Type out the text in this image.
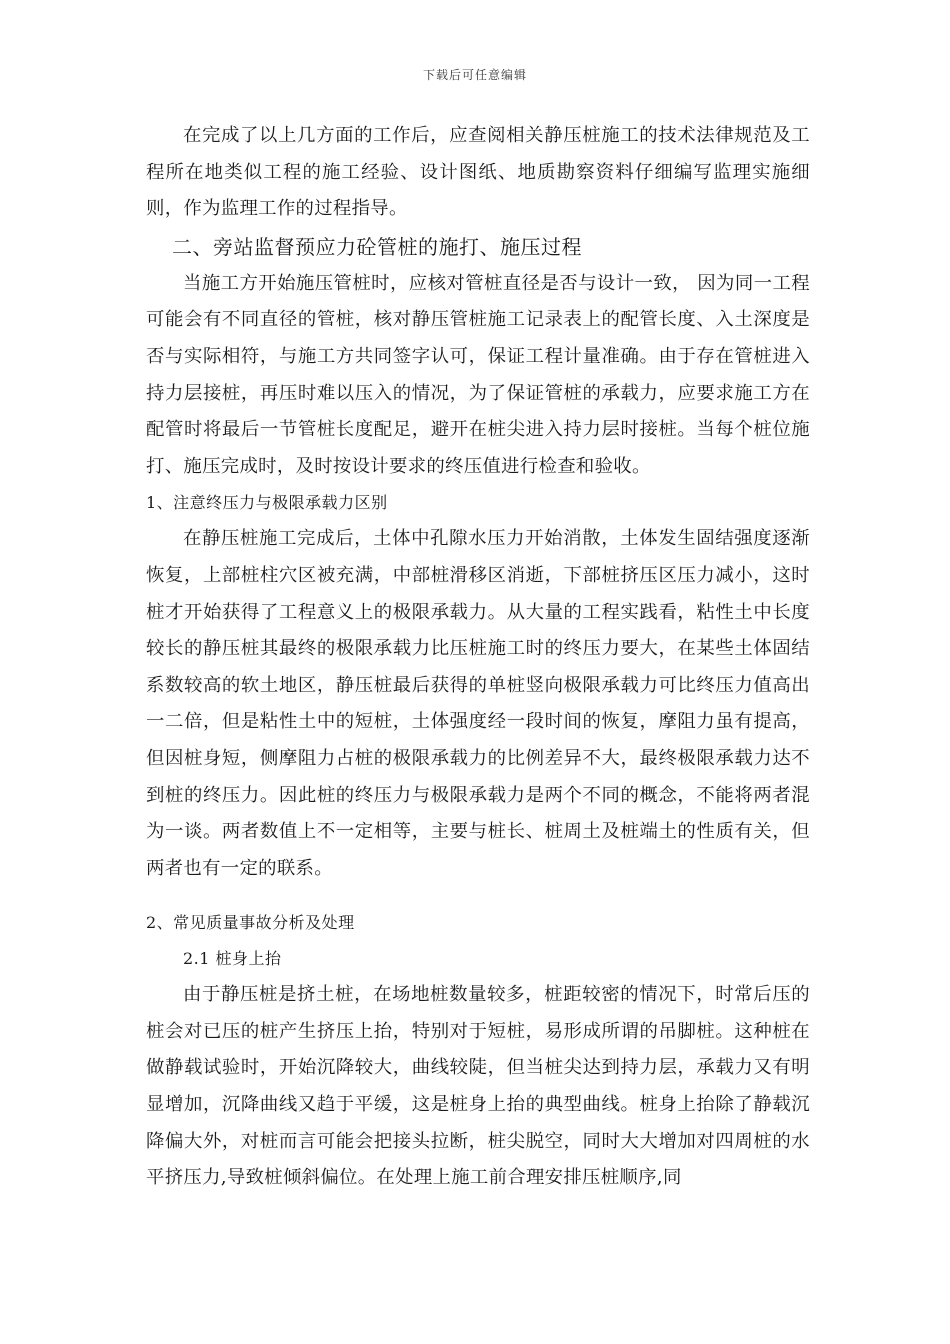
下载后可任意编辑

在完成了以上几方面的工作后，应查阅相关静压桩施工的技术法律规范及工程所在地类似工程的施工经验、设计图纸、地质勘察资料仔细编写监理实施细则，作为监理工作的过程指导。

二、旁站监督预应力砼管桩的施打、施压过程

当施工方开始施压管桩时，应核对管桩直径是否与设计一致， 因为同一工程可能会有不同直径的管桩，核对静压管桩施工记录表上的配管长度、入土深度是否与实际相符，与施工方共同签字认可，保证工程计量准确。由于存在管桩进入持力层接桩，再压时难以压入的情况，为了保证管桩的承载力，应要求施工方在配管时将最后一节管桩长度配足，避开在桩尖进入持力层时接桩。当每个桩位施打、施压完成时，及时按设计要求的终压值进行检查和验收。

1、注意终压力与极限承载力区别

在静压桩施工完成后，土体中孔隙水压力开始消散，土体发生固结强度逐渐恢复，上部桩柱穴区被充满，中部桩滑移区消逝，下部桩挤压区压力减小，这时桩才开始获得了工程意义上的极限承载力。从大量的工程实践看，粘性土中长度较长的静压桩其最终的极限承载力比压桩施工时的终压力要大，在某些土体固结系数较高的软土地区，静压桩最后获得的单桩竖向极限承载力可比终压力值高出一二倍，但是粘性土中的短桩，土体强度经一段时间的恢复，摩阻力虽有提高，但因桩身短，侧摩阻力占桩的极限承载力的比例差异不大，最终极限承载力达不到桩的终压力。因此桩的终压力与极限承载力是两个不同的概念，不能将两者混为一谈。两者数值上不一定相等，主要与桩长、桩周土及桩端土的性质有关，但两者也有一定的联系。

2、常见质量事故分析及处理

2.1 桩身上抬

由于静压桩是挤土桩，在场地桩数量较多，桩距较密的情况下，时常后压的桩会对已压的桩产生挤压上抬，特别对于短桩，易形成所谓的吊脚桩。这种桩在做静载试验时，开始沉降较大，曲线较陡，但当桩尖达到持力层，承载力又有明显增加，沉降曲线又趋于平缓，这是桩身上抬的典型曲线。桩身上抬除了静载沉降偏大外，对桩而言可能会把接头拉断，桩尖脱空，同时大大增加对四周桩的水平挤压力,导致桩倾斜偏位。在处理上施工前合理安排压桩顺序,同
